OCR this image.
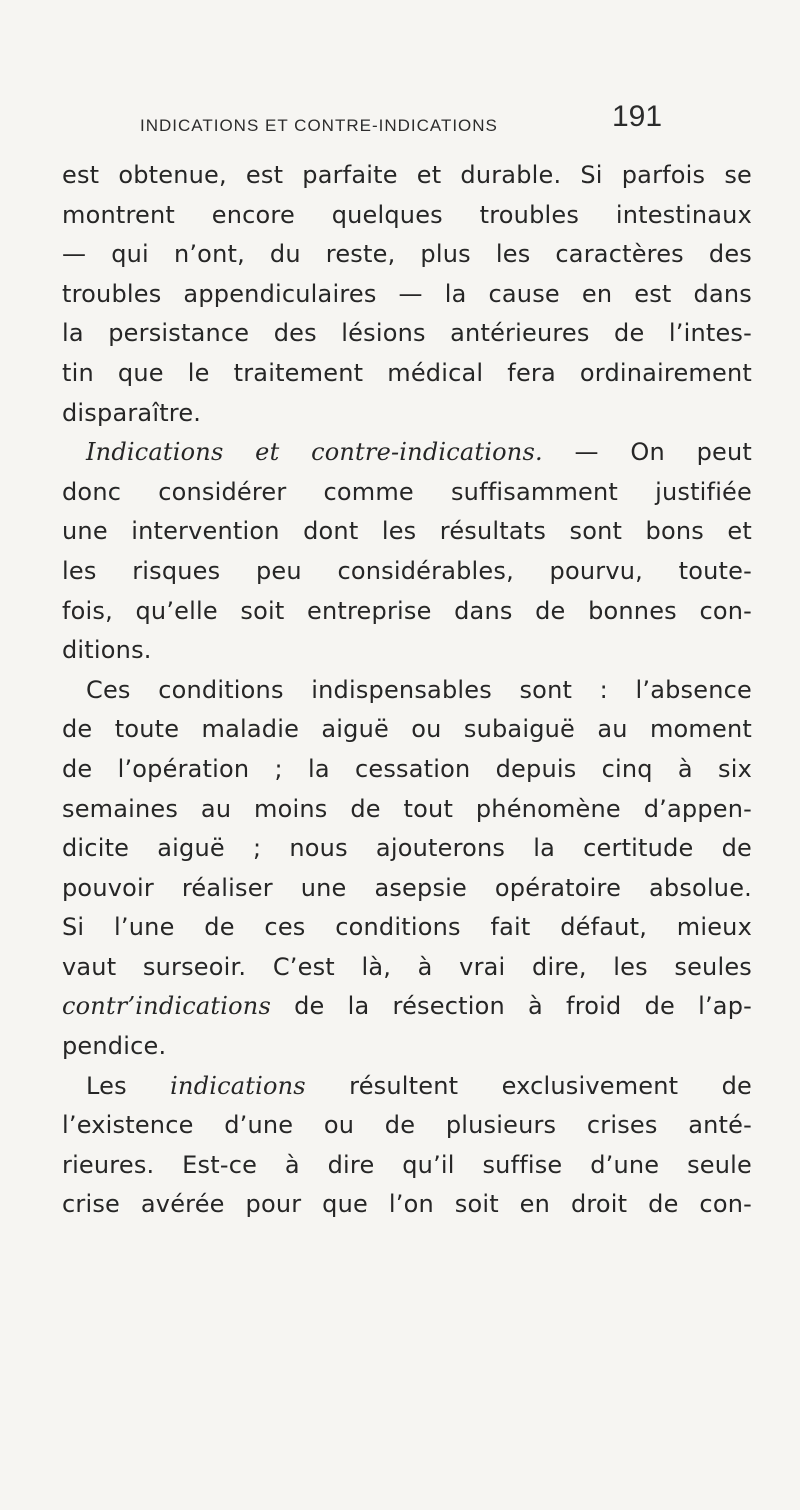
INDICATIONS ET CONTRE-INDICATIONS	191
est obtenue, est parfaite et durable. Si parfois se
montrent encore quelques troubles intestinaux
— qui n’ont, du reste, plus les caractères des
troubles appendiculaires — la cause en est dans
la persistance des lésions antérieures de l’intes-
tin que le traitement médical fera ordinairement
disparaître.
Indications et contre-indications. — On peut
donc considérer comme suffisamment justifiée
une intervention dont les résultats sont bons et
les risques peu considérables, pourvu, toute-
fois, qu’elle soit entreprise dans de bonnes con-
ditions.
Ces conditions indispensables sont : l’absence
de toute maladie aiguë ou subaiguë au moment
de l’opération ; la cessation depuis cinq à six
semaines au moins de tout phénomène d’appen-
dicite aiguë ; nous ajouterons la certitude de
pouvoir réaliser une asepsie opératoire absolue.
Si l’une de ces conditions fait défaut, mieux
vaut surseoir. C’est là, à vrai dire, les seules
contr’indications de la résection à froid de l’ap-
pendice.
Les indications résultent exclusivement de
l’existence d’une ou de plusieurs crises anté-
rieures. Est-ce à dire qu’il suffise d’une seule
crise avérée pour que l’on soit en droit de con-
